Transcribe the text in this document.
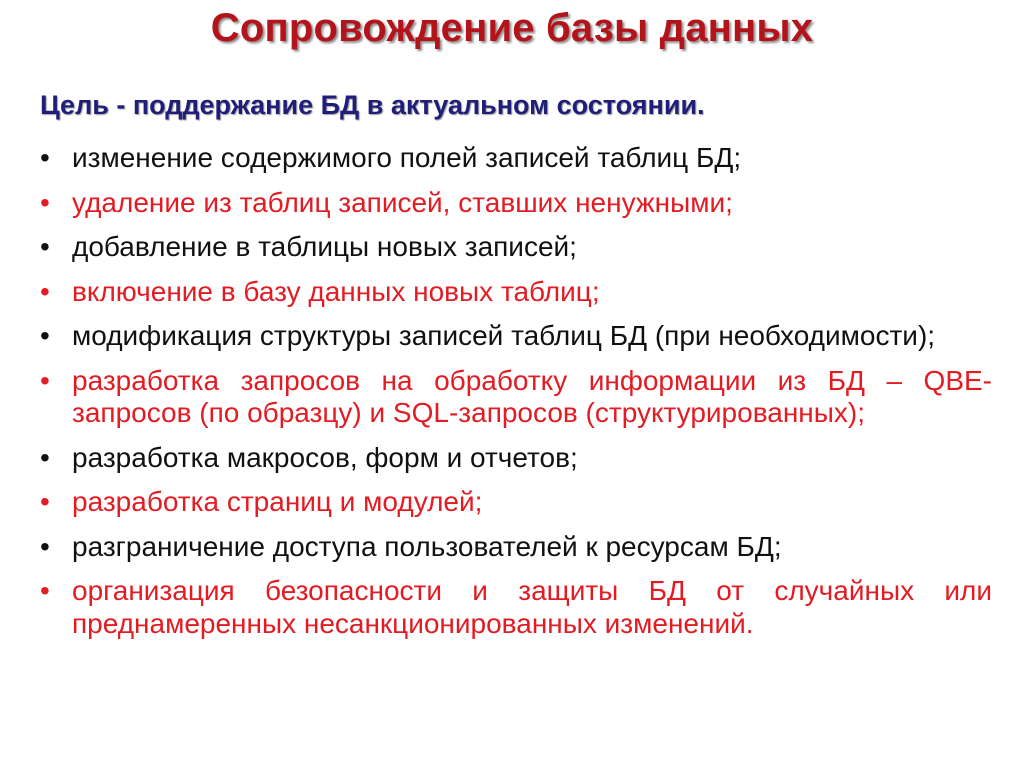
Сопровождение базы данных
Цель - поддержание БД в актуальном состоянии.
• изменение содержимого полей записей таблиц БД;
• удаление из таблиц записей, ставших ненужными;
• добавление в таблицы новых записей;
• включение в базу данных новых таблиц;
• модификация структуры записей таблиц БД (при необходимости);
• разработка запросов на обработку информации из БД – QBE-запросов (по образцу) и SQL-запросов (структурированных);
• разработка макросов, форм и отчетов;
• разработка страниц и модулей;
• разграничение доступа пользователей к ресурсам БД;
• организация безопасности и защиты БД от случайных или преднамеренных несанкционированных изменений.
